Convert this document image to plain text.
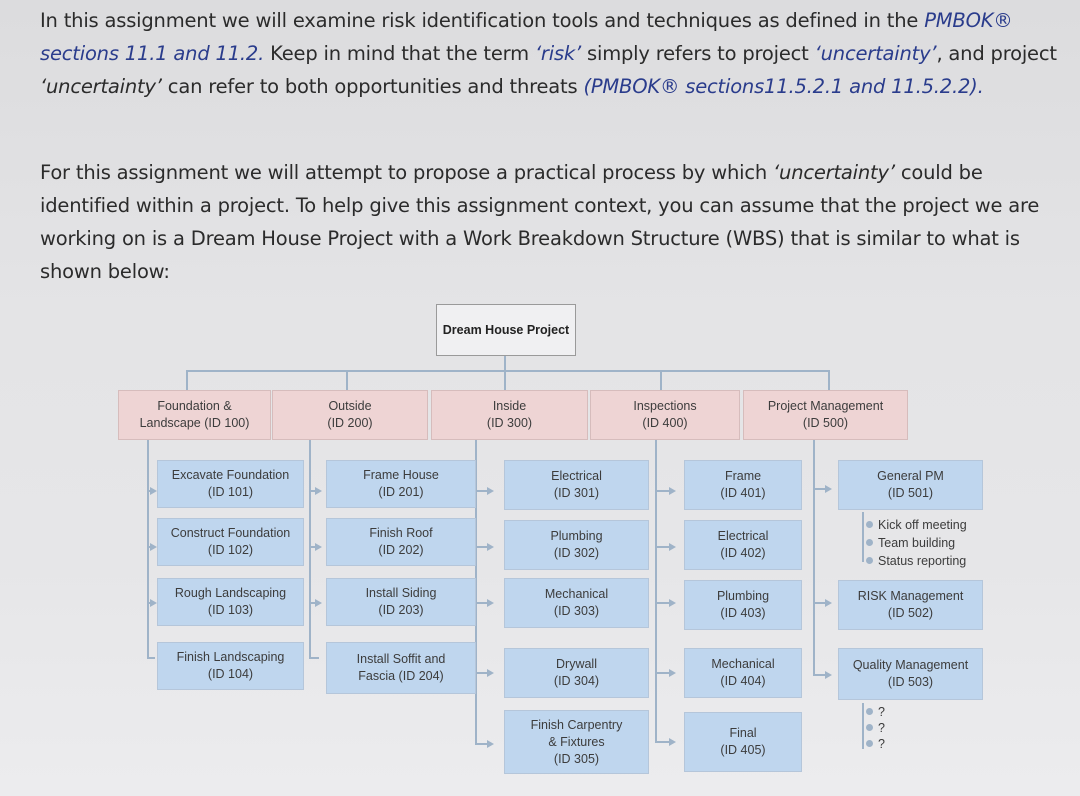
In this assignment we will examine risk identification tools and techniques as defined in the PMBOK® sections 11.1 and 11.2. Keep in mind that the term ‘risk’ simply refers to project ‘uncertainty’, and project ‘uncertainty’ can refer to both opportunities and threats (PMBOK® sections11.5.2.1 and 11.5.2.2).
For this assignment we will attempt to propose a practical process by which ‘uncertainty’ could be identified within a project. To help give this assignment context, you can assume that the project we are working on is a Dream House Project with a Work Breakdown Structure (WBS) that is similar to what is shown below:
Dream House Project
Foundation &
Landscape (ID 100)
Outside
(ID 200)
Inside
(ID 300)
Inspections
(ID 400)
Project Management
(ID 500)
Excavate Foundation
(ID 101)
Construct Foundation
(ID 102)
Rough Landscaping
(ID 103)
Finish Landscaping
(ID 104)
Frame House
(ID 201)
Finish Roof
(ID 202)
Install Siding
(ID 203)
Install Soffit and
Fascia (ID 204)
Electrical
(ID 301)
Plumbing
(ID 302)
Mechanical
(ID 303)
Drywall
(ID 304)
Finish Carpentry
& Fixtures
(ID 305)
Frame
(ID 401)
Electrical
(ID 402)
Plumbing
(ID 403)
Mechanical
(ID 404)
Final
(ID 405)
General PM
(ID 501)
Kick off meeting
Team building
Status reporting
RISK Management
(ID 502)
Quality Management
(ID 503)
?
?
?
